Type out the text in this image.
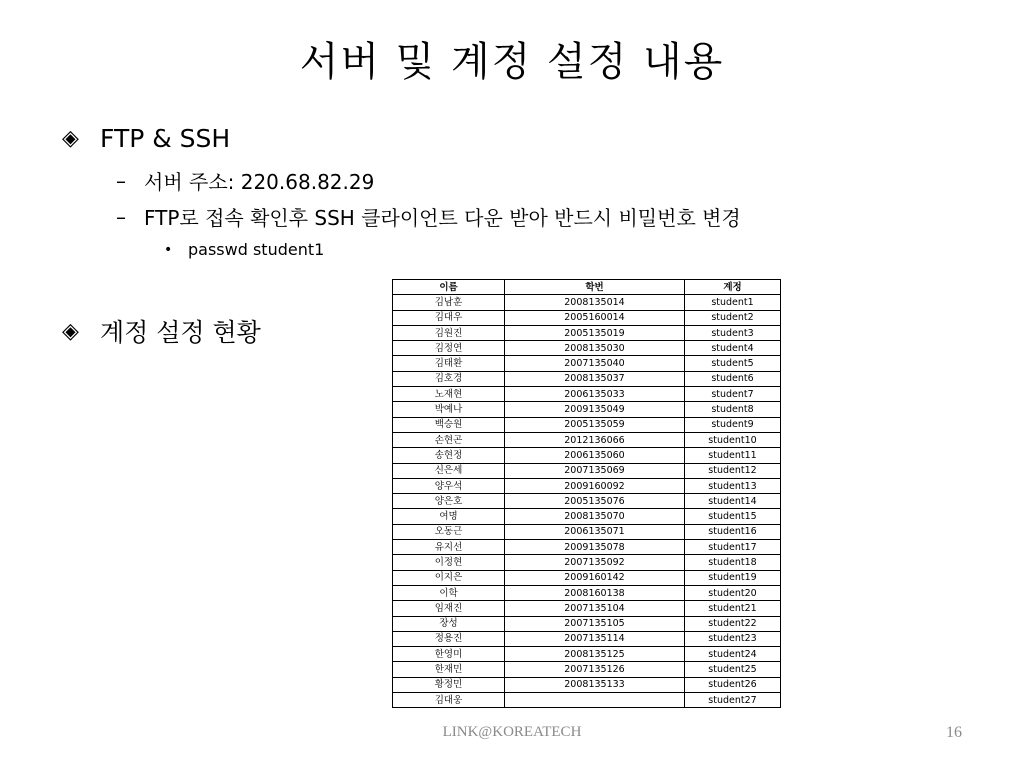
서버 및 계정 설정 내용
◈ FTP & SSH
– 서버 주소: 220.68.82.29
– FTP로 접속 확인후 SSH 클라이언트 다운 받아 반드시 비밀번호 변경
• passwd student1
◈ 계정 설정 현황
이름	학번	계정
김남훈	2008135014	student1
김대우	2005160014	student2
김원진	2005135019	student3
김정연	2008135030	student4
김태환	2007135040	student5
김호경	2008135037	student6
노재현	2006135033	student7
박예나	2009135049	student8
백승원	2005135059	student9
손현곤	2012136066	student10
송현정	2006135060	student11
신은세	2007135069	student12
양우석	2009160092	student13
양은호	2005135076	student14
여명	2008135070	student15
오동근	2006135071	student16
유지선	2009135078	student17
이정현	2007135092	student18
이지은	2009160142	student19
이학	2008160138	student20
임재진	2007135104	student21
장성	2007135105	student22
정용진	2007135114	student23
한영미	2008135125	student24
한재민	2007135126	student25
황정민	2008135133	student26
김대웅		student27
LINK@KOREATECH	16
